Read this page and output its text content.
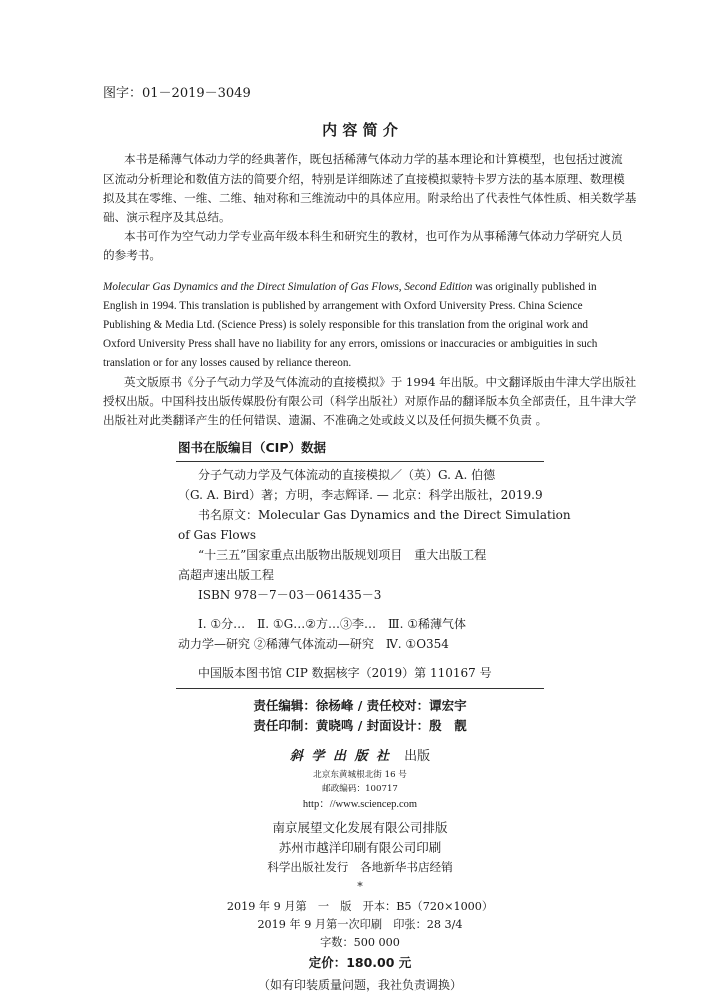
图字：01－2019－3049
内 容 简 介
本书是稀薄气体动力学的经典著作，既包括稀薄气体动力学的基本理论和计算模型，也包括过渡流
区流动分析理论和数值方法的简要介绍，特别是详细陈述了直接模拟蒙特卡罗方法的基本原理、数理模
拟及其在零维、一维、二维、轴对称和三维流动中的具体应用。附录给出了代表性气体性质、相关数学基
础、演示程序及其总结。
本书可作为空气动力学专业高年级本科生和研究生的教材，也可作为从事稀薄气体动力学研究人员
的参考书。
Molecular Gas Dynamics and the Direct Simulation of Gas Flows, Second Edition was originally published in
English in 1994. This translation is published by arrangement with Oxford University Press. China Science
Publishing & Media Ltd. (Science Press) is solely responsible for this translation from the original work and
Oxford University Press shall have no liability for any errors, omissions or inaccuracies or ambiguities in such
translation or for any losses caused by reliance thereon.
英文版原书《分子气动力学及气体流动的直接模拟》于 1994 年出版。中文翻译版由牛津大学出版社
授权出版。中国科技出版传媒股份有限公司（科学出版社）对原作品的翻译版本负全部责任，且牛津大学
出版社对此类翻译产生的任何错误、遗漏、不准确之处或歧义以及任何损失概不负责 。
图书在版编目（CIP）数据
分子气动力学及气体流动的直接模拟／（英）G. A. 伯德
（G. A. Bird）著；方明，李志辉译. — 北京：科学出版社，2019.9
书名原文：Molecular Gas Dynamics and the Direct Simulation
of Gas Flows
“十三五”国家重点出版物出版规划项目　重大出版工程
高超声速出版工程
ISBN 978－7－03－061435－3
Ⅰ. ①分…　Ⅱ. ①G…②方…③李…　Ⅲ. ①稀薄气体
动力学—研究 ②稀薄气体流动—研究　Ⅳ. ①O354
中国版本图书馆 CIP 数据核字（2019）第 110167 号
责任编辑：徐杨峰 / 责任校对：谭宏宇
责任印制：黄晓鸣 / 封面设计：殷　靓
斜 学 出 版 社 出版
北京东黄城根北街 16 号
邮政编码：100717
http：//www.sciencep.com
南京展望文化发展有限公司排版
苏州市越洋印刷有限公司印刷
科学出版社发行　各地新华书店经销
*
2019 年 9 月第　一　版　开本：B5（720×1000）
2019 年 9 月第一次印刷　印张：28 3/4
字数：500 000
定价：180.00 元
（如有印装质量问题，我社负责调换）
